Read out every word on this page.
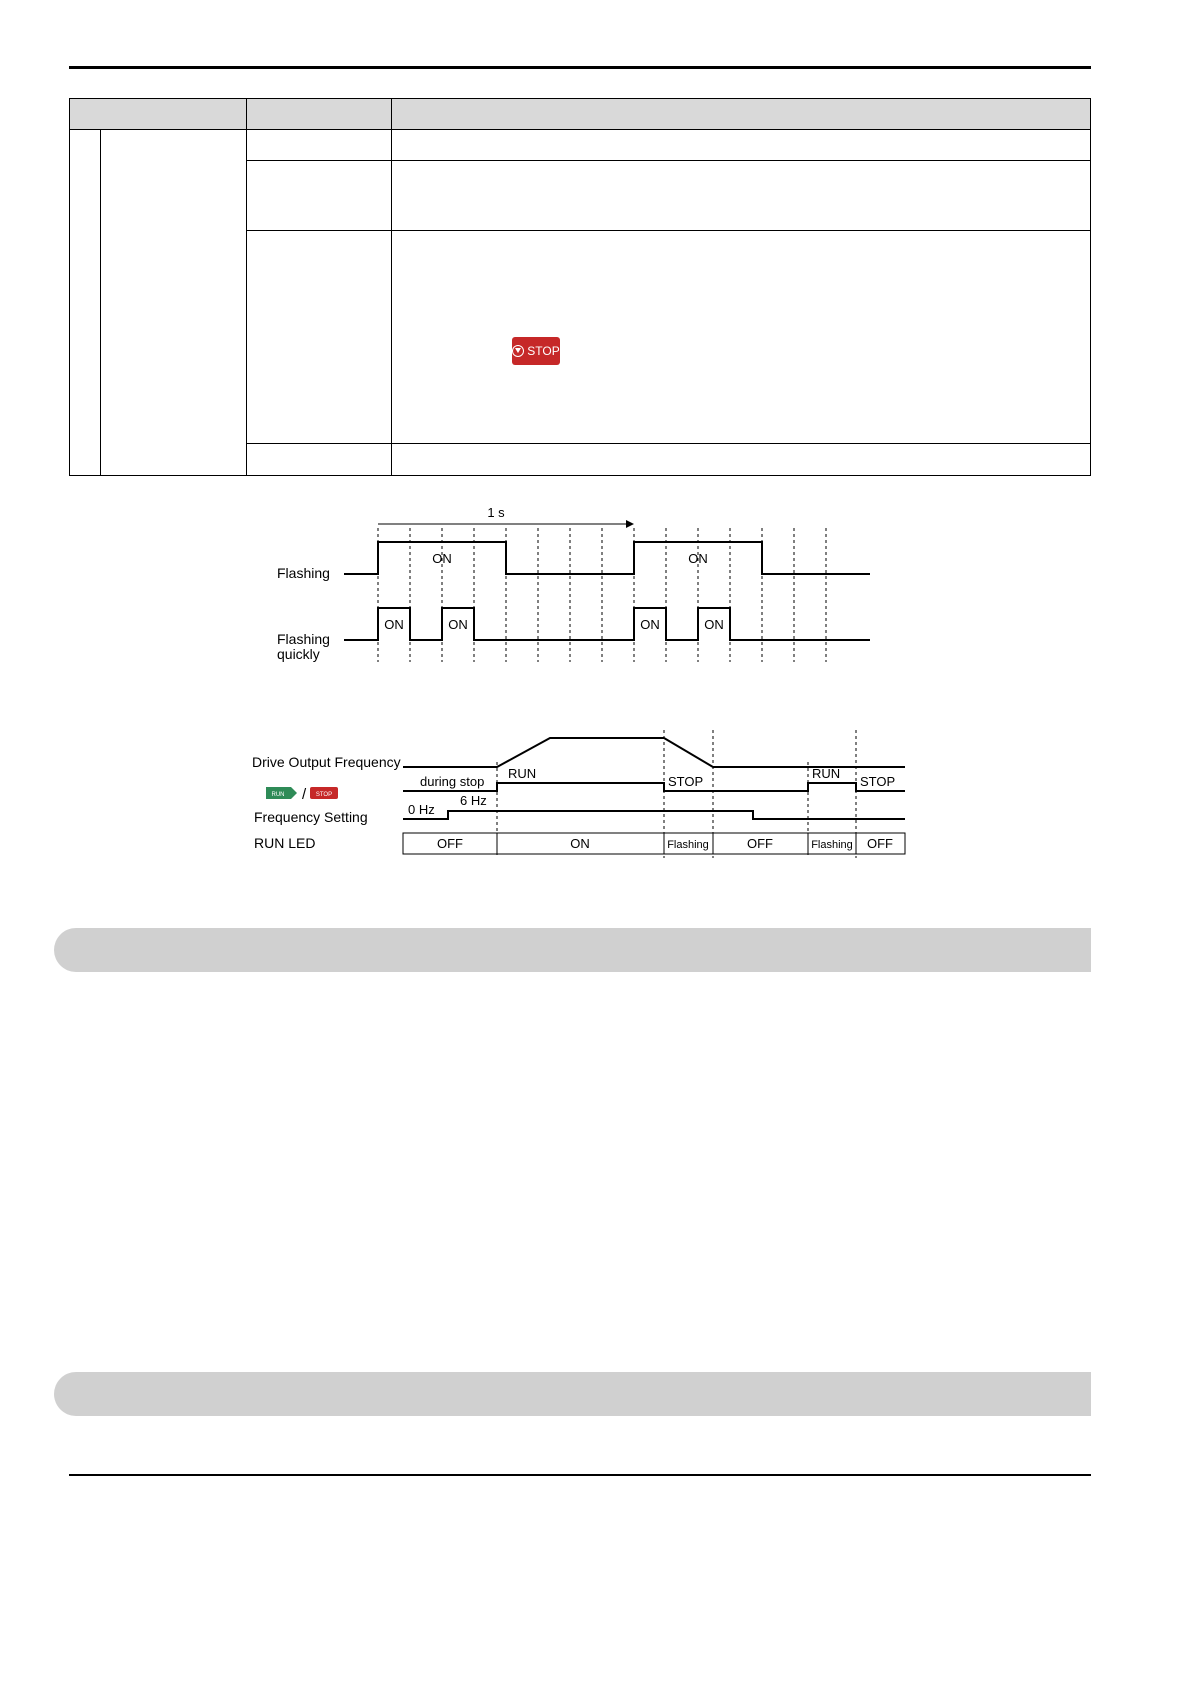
STOP
1 s
Flashing
ON	ON
Flashing
quickly
ON	ON	ON	ON
Drive Output Frequency
RUN / STOP
during stop
RUN
STOP
RUN
STOP
Frequency Setting	0 Hz
6 Hz
RUN LED	OFF	ON	Flashing	OFF	Flashing OFF
